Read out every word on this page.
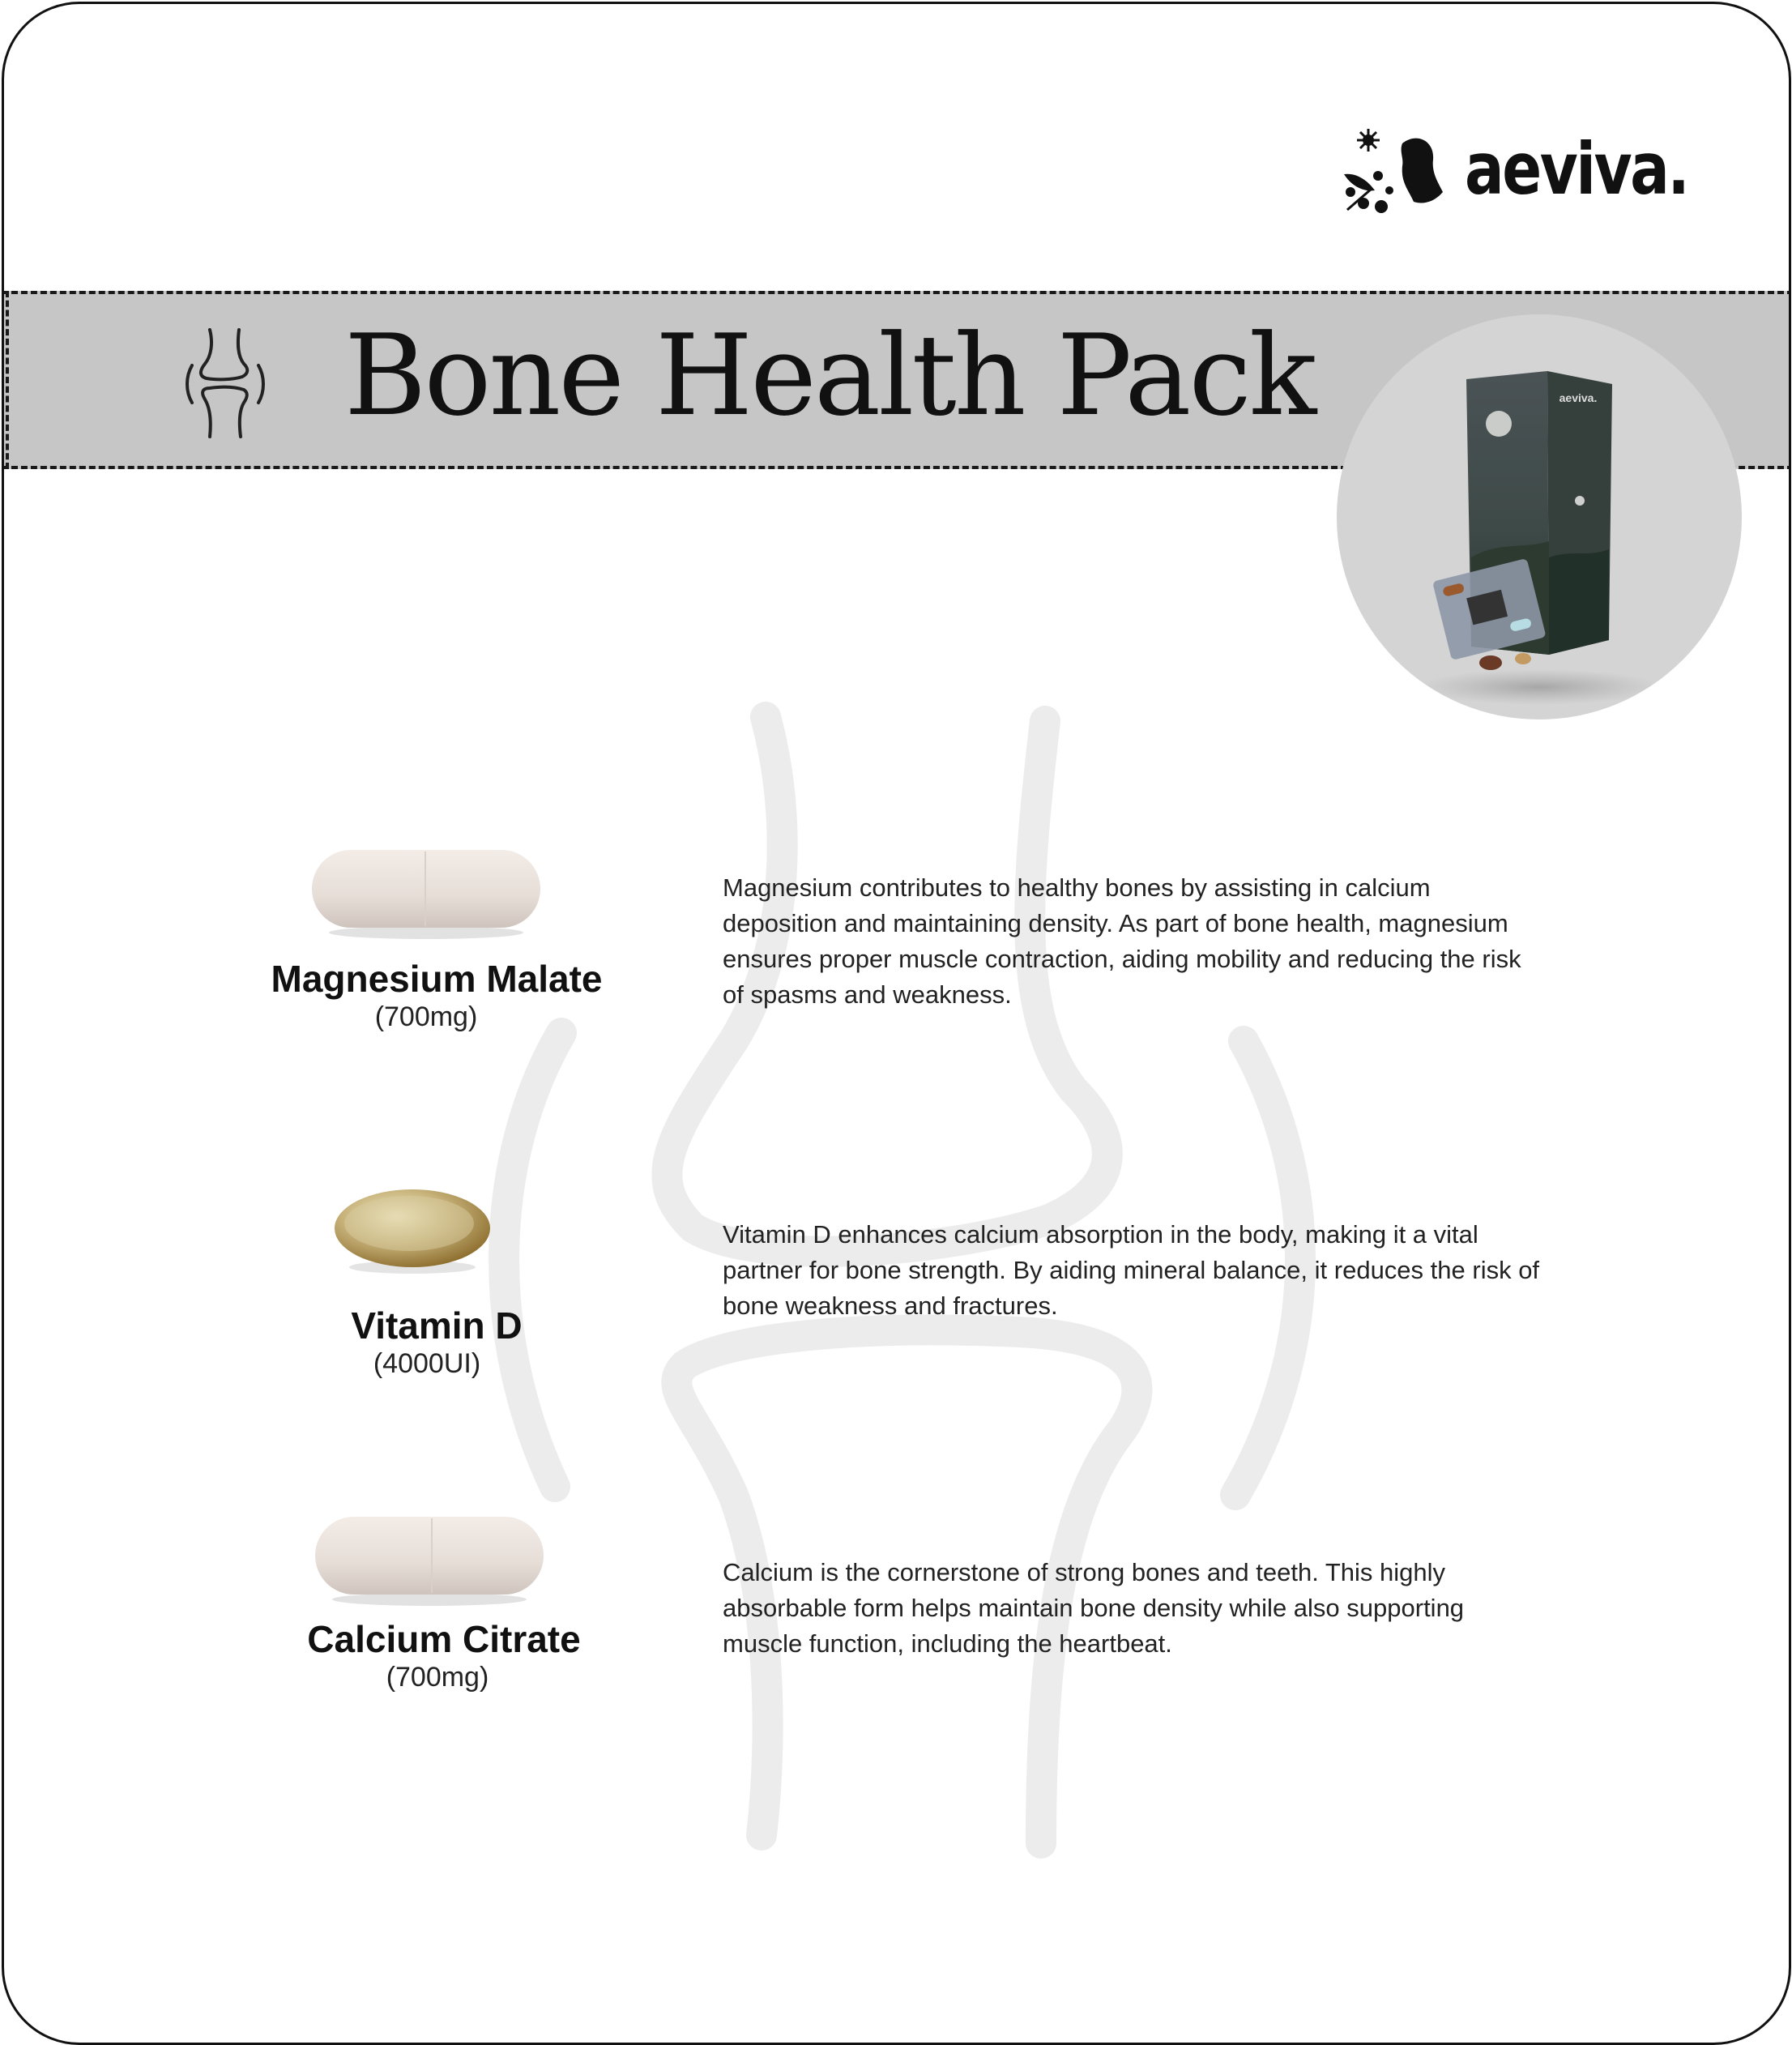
aeviva.
Bone Health Pack	aeviva.
Magnesium Malate
(700mg)
Magnesium contributes to healthy bones by assisting in calcium deposition and maintaining density. As part of bone health, magnesium ensures proper muscle contraction, aiding mobility and reducing the risk of spasms and weakness.
Vitamin D
(4000UI)
Vitamin D enhances calcium absorption in the body, making it a vital partner for bone strength. By aiding mineral balance, it reduces the risk of bone weakness and fractures.
Calcium Citrate
(700mg)
Calcium is the cornerstone of strong bones and teeth. This highly absorbable form helps maintain bone density while also supporting muscle function, including the heartbeat.
